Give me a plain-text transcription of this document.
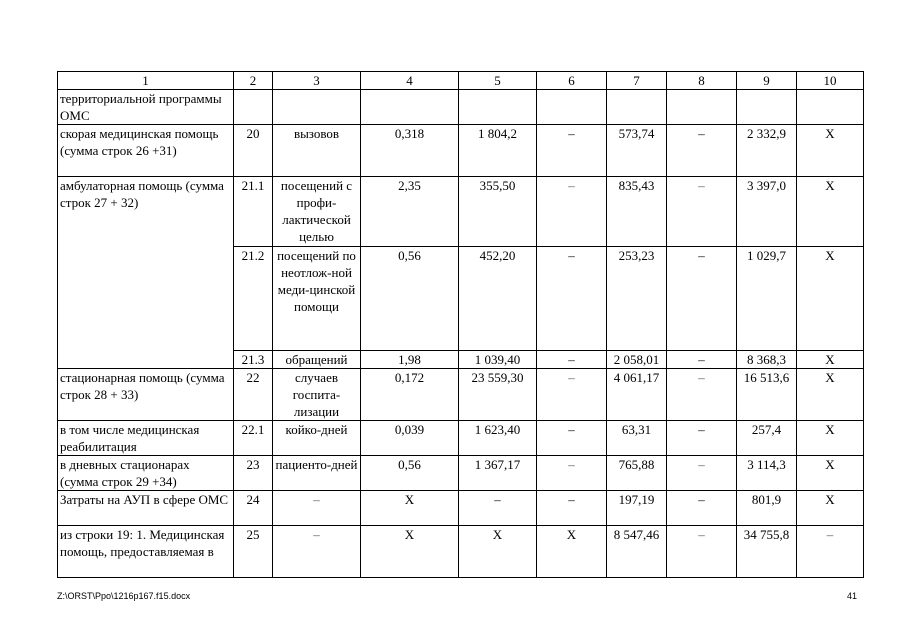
1	2	3	4	5	6	7	8	9	10
территориальной программы ОМС									
скорая медицинская помощь (сумма строк 26 +31)	20	вызовов	0,318	1 804,2	–	573,74	–	2 332,9	Х
амбулаторная помощь (сумма строк 27 + 32)	21.1	посещений с профи-лактической целью	2,35	355,50	–	835,43	–	3 397,0	Х
	21.2	посещений по неотлож-ной меди-цинской помощи	0,56	452,20	–	253,23	–	1 029,7	Х
	21.3	обращений	1,98	1 039,40	–	2 058,01	–	8 368,3	Х
стационарная помощь (сумма строк 28 + 33)	22	случаев госпита-лизации	0,172	23 559,30	–	4 061,17	–	16 513,6	Х
в том числе медицинская реабилитация	22.1	койко-дней	0,039	1 623,40	–	63,31	–	257,4	Х
в дневных стационарах (сумма строк 29 +34)	23	пациенто-дней	0,56	1 367,17	–	765,88	–	3 114,3	Х
Затраты на АУП в сфере ОМС	24	–	Х	–	–	197,19	–	801,9	Х
из строки 19: 1. Медицинская помощь, предоставляемая в	25	–	Х	Х	Х	8 547,46	–	34 755,8	–
Z:\ORST\Ppo\1216p167.f15.docx	41
